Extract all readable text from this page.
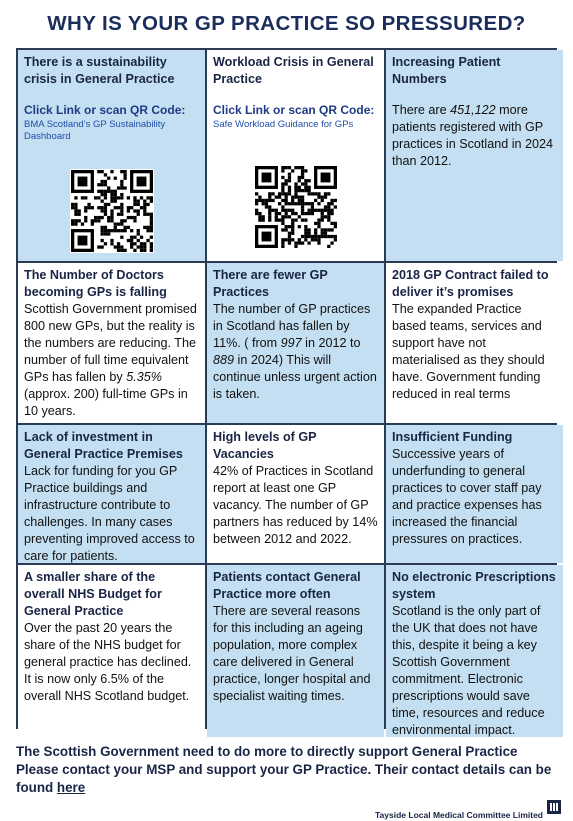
WHY IS YOUR GP PRACTICE SO PRESSURED?
There is a sustainability crisis in General Practice
Click Link or scan QR Code:
BMA Scotland’s GP Sustainability Dashboard
Workload Crisis in General Practice
Click Link or scan QR Code:
Safe Workload Guidance for GPs
Increasing Patient Numbers
There are 451,122 more patients registered with GP practices in Scotland in 2024 than 2012.
The Number of Doctors becoming GPs is falling
Scottish Government promised 800 new GPs, but the reality is the numbers are reducing. The number of full time equivalent GPs has fallen by 5.35% (approx. 200) full-time GPs in 10 years.
There are fewer GP Practices
The number of GP practices in Scotland has fallen by 11%. ( from 997 in 2012 to 889 in 2024) This will continue unless urgent action is taken.
2018 GP Contract failed to deliver it’s promises
The expanded Practice based teams, services and support have not materialised as they should have. Government funding reduced in real terms
Lack of investment in General Practice Premises
Lack for funding for you GP Practice buildings and infrastructure contribute to challenges. In many cases preventing improved access to care for patients.
High levels of GP Vacancies
42% of Practices in Scotland report at least one GP vacancy. The number of GP partners has reduced by 14% between 2012 and 2022.
Insufficient Funding
Successive years of underfunding to general practices to cover staff pay and practice expenses has increased the financial pressures on practices.
A smaller share of the overall NHS Budget for General Practice
Over the past 20 years the share of the NHS budget for general practice has declined. It is now only 6.5% of the overall NHS Scotland budget.
Patients contact General Practice more often
There are several reasons for this including an ageing population, more complex care delivered in General practice, longer hospital and specialist waiting times.
No electronic Prescriptions system
Scotland is the only part of the UK that does not have this, despite it being a key Scottish Government commitment. Electronic prescriptions would save time, resources and reduce environmental impact.
The Scottish Government need to do more to directly support General Practice
Please contact your MSP and support your GP Practice. Their contact details can be found here
Tayside Local Medical Committee Limited
